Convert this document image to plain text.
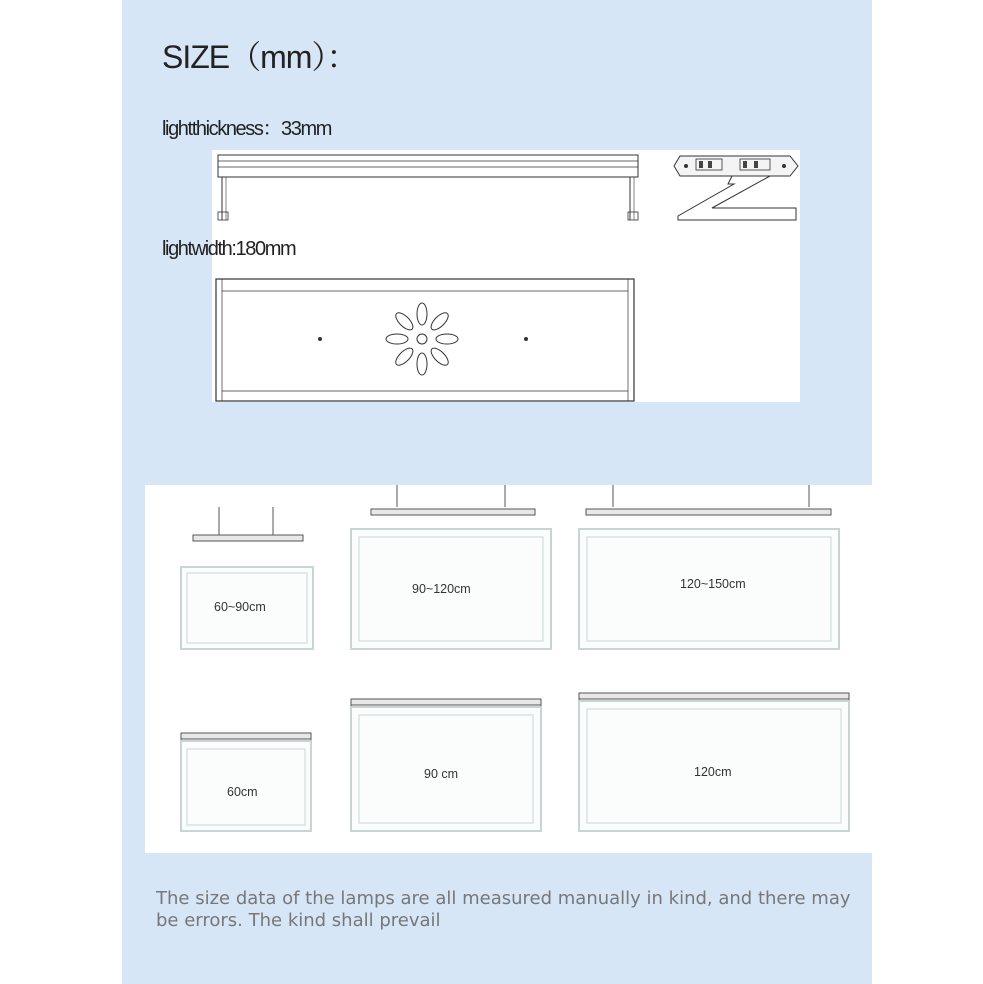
SIZE（mm）：
lightthickness：33mm
lightwidth:180mm
60~90cm
90~120cm	120~150cm
60cm
90 cm	120cm
The size data of the lamps are all measured manually in kind, and there may be errors. The kind shall prevail
